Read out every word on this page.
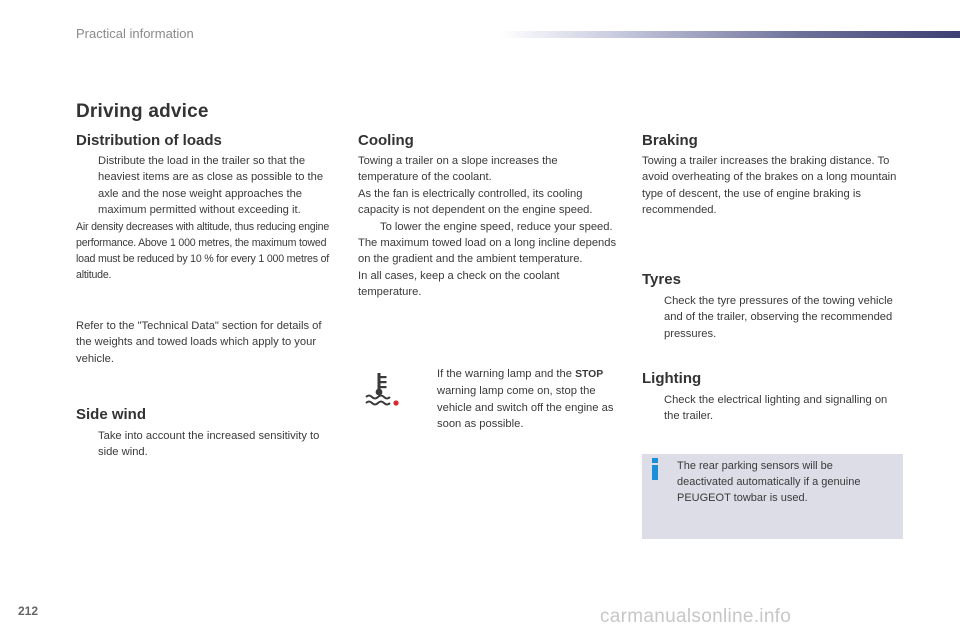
Practical information
Driving advice
Distribution of loads

Distribute the load in the trailer so that the heaviest items are as close as possible to the axle and the nose weight approaches the maximum permitted without exceeding it.

Air density decreases with altitude, thus reducing engine performance. Above 1 000 metres, the maximum towed load must be reduced by 10 % for every 1 000 metres of altitude.

Refer to the "Technical Data" section for details of the weights and towed loads which apply to your vehicle.
Side wind

Take into account the increased sensitivity to side wind.

Cooling

Towing a trailer on a slope increases the temperature of the coolant.

As the fan is electrically controlled, its cooling capacity is not dependent on the engine speed.

To lower the engine speed, reduce your speed.

The maximum towed load on a long incline depends on the gradient and the ambient temperature.

In all cases, keep a check on the coolant temperature.

If the warning lamp and the STOP warning lamp come on, stop the vehicle and switch off the engine as soon as possible.

Braking
Towing a trailer increases the braking distance. To avoid overheating of the brakes on a long mountain type of descent, the use of engine braking is recommended.
Tyres

Check the tyre pressures of the towing vehicle and of the trailer, observing the recommended pressures.

Lighting

Check the electrical lighting and signalling on the trailer.

The rear parking sensors will be deactivated automatically if a genuine PEUGEOT towbar is used.
212	carmanualsonline.info
